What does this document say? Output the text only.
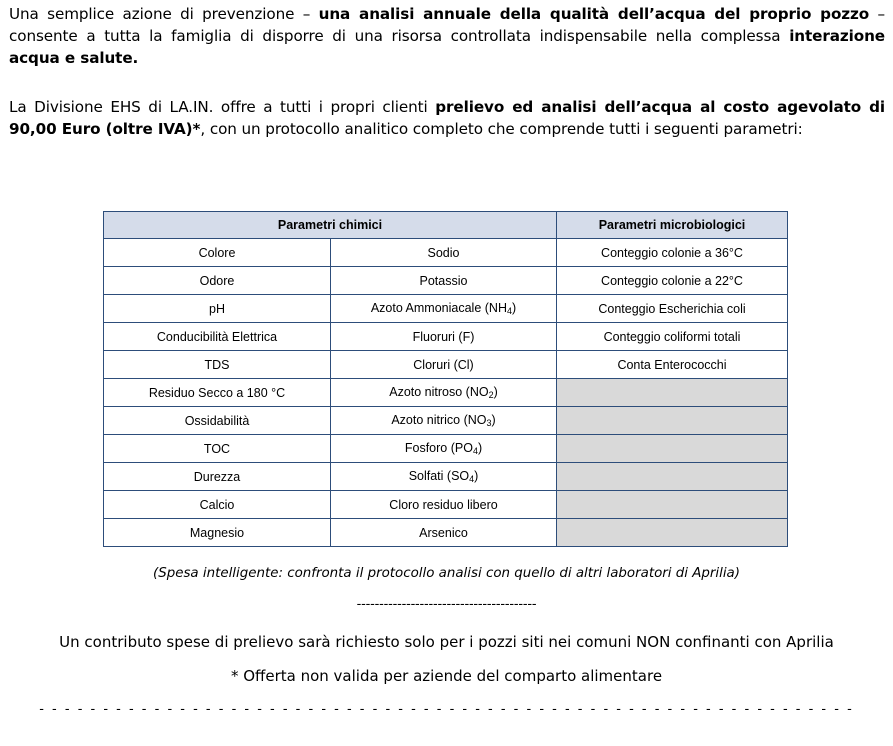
Una semplice azione di prevenzione – una analisi annuale della qualità dell’acqua del proprio pozzo – consente a tutta la famiglia di disporre di una risorsa controllata indispensabile nella complessa interazione acqua e salute.
La Divisione EHS di LA.IN. offre a tutti i propri clienti prelievo ed analisi dell’acqua al costo agevolato di 90,00 Euro (oltre IVA)*, con un protocollo analitico completo che comprende tutti i seguenti parametri:
Parametri chimici		Parametri microbiologici
Colore	Sodio	Conteggio colonie a 36°C
Odore	Potassio	Conteggio colonie a 22°C
pH	Azoto Ammoniacale $(NH_4)$	Conteggio Escherichia coli
Conducibilità Elettrica	Fluoruri (F)	Conteggio coliformi totali
TDS	Cloruri (Cl)	Conta Enterococchi
Residuo Secco a 180 °C	Azoto nitroso $(NO_2)$	
Ossidabilità	Azoto nitrico $(NO_3)$	
TOC	Fosforo $(PO_4)$	
Durezza	Solfati $(SO_4)$	
Calcio	Cloro residuo libero	
Magnesio	Arsenico	
(Spesa intelligente: confronta il protocollo analisi con quello di altri laboratori di Aprilia)
----------------------------------------
Un contributo spese di prelievo sarà richiesto solo per i pozzi siti nei comuni NON confinanti con Aprilia
* Offerta non valida per aziende del comparto alimentare
- - - - - - - - - - - - - - - - - - - - - - - - - - - - - - - - - - - - - - - - - - - - - - - - - - - - - - - - - - - - - - - -
